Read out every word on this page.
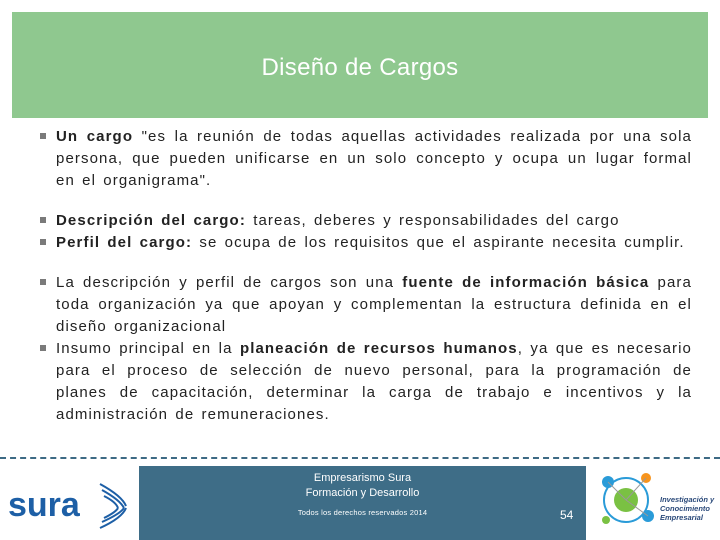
Diseño de Cargos
Un cargo "es la reunión de todas aquellas actividades realizada por una sola persona, que pueden unificarse en un solo concepto y ocupa un lugar formal en el organigrama".
Descripción del cargo: tareas, deberes y responsabilidades del cargo
Perfil del cargo: se ocupa de los requisitos que el aspirante necesita cumplir.
La descripción y perfil de cargos son una fuente de información básica para toda organización ya que apoyan y complementan la estructura definida en el diseño organizacional
Insumo principal en la planeación de recursos humanos, ya que es necesario para el proceso de selección de nuevo personal, para la programación de planes de capacitación, determinar la carga de trabajo e incentivos y la administración de remuneraciones.
sura
Empresarismo Sura
Formación y Desarrollo
Todos los derechos reservados 2014	54
Investigación y
Conocimiento
Empresarial
